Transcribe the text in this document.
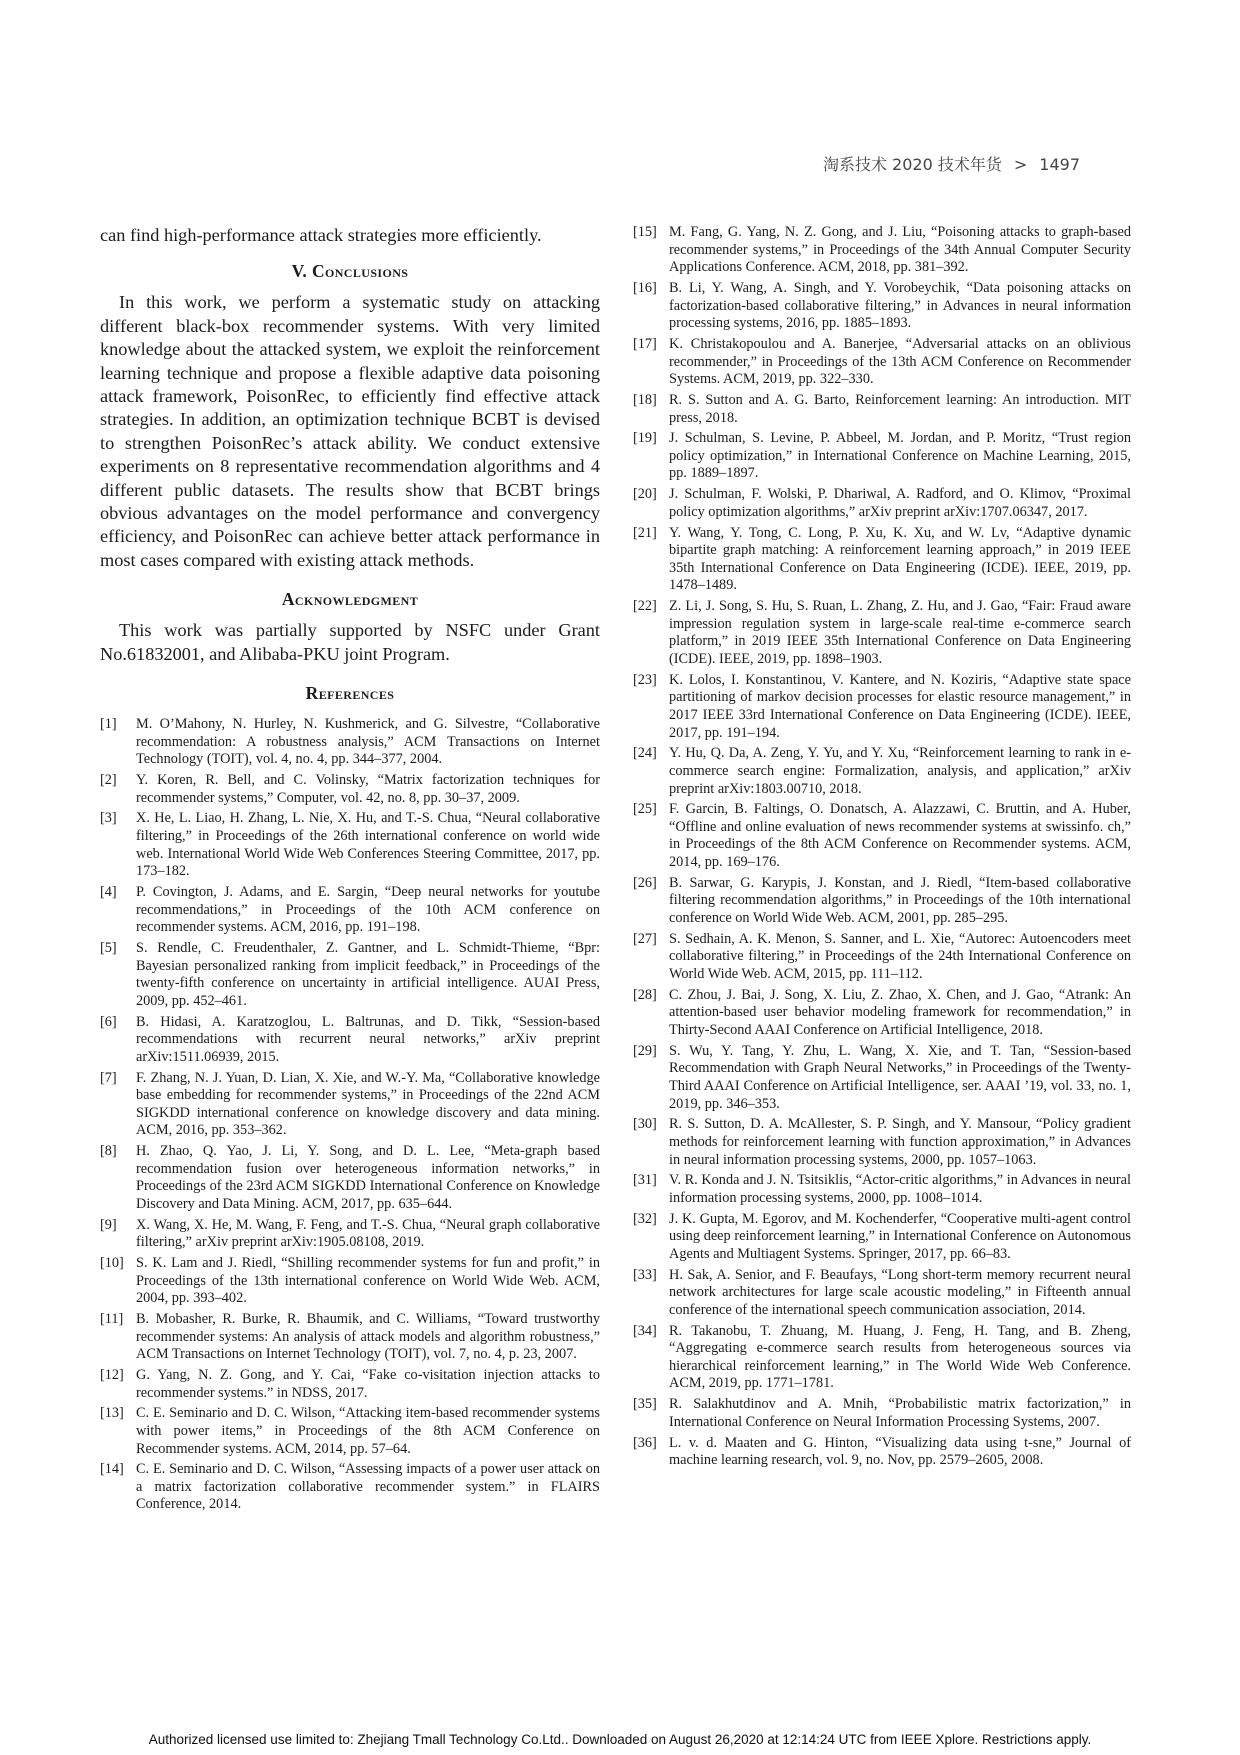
淘系技术 2020 技术年货 > 1497

can find high-performance attack strategies more efficiently.

V. Conclusions

In this work, we perform a systematic study on attacking different black-box recommender systems. With very limited knowledge about the attacked system, we exploit the reinforcement learning technique and propose a flexible adaptive data poisoning attack framework, PoisonRec, to efficiently find effective attack strategies. In addition, an optimization technique BCBT is devised to strengthen PoisonRec’s attack ability. We conduct extensive experiments on 8 representative recommendation algorithms and 4 different public datasets. The results show that BCBT brings obvious advantages on the model performance and convergency efficiency, and PoisonRec can achieve better attack performance in most cases compared with existing attack methods.

Acknowledgment

This work was partially supported by NSFC under Grant No.61832001, and Alibaba-PKU joint Program.

References
[1]	M. O’Mahony, N. Hurley, N. Kushmerick, and G. Silvestre, “Collaborative recommendation: A robustness analysis,” ACM Transactions on Internet Technology (TOIT), vol. 4, no. 4, pp. 344–377, 2004.
[2]	Y. Koren, R. Bell, and C. Volinsky, “Matrix factorization techniques for recommender systems,” Computer, vol. 42, no. 8, pp. 30–37, 2009.
[3]	X. He, L. Liao, H. Zhang, L. Nie, X. Hu, and T.-S. Chua, “Neural collaborative filtering,” in Proceedings of the 26th international conference on world wide web. International World Wide Web Conferences Steering Committee, 2017, pp. 173–182.
[4]	P. Covington, J. Adams, and E. Sargin, “Deep neural networks for youtube recommendations,” in Proceedings of the 10th ACM conference on recommender systems. ACM, 2016, pp. 191–198.
[5]	S. Rendle, C. Freudenthaler, Z. Gantner, and L. Schmidt-Thieme, “Bpr: Bayesian personalized ranking from implicit feedback,” in Proceedings of the twenty-fifth conference on uncertainty in artificial intelligence. AUAI Press, 2009, pp. 452–461.
[6]	B. Hidasi, A. Karatzoglou, L. Baltrunas, and D. Tikk, “Session-based recommendations with recurrent neural networks,” arXiv preprint arXiv:1511.06939, 2015.
[7]	F. Zhang, N. J. Yuan, D. Lian, X. Xie, and W.-Y. Ma, “Collaborative knowledge base embedding for recommender systems,” in Proceedings of the 22nd ACM SIGKDD international conference on knowledge discovery and data mining. ACM, 2016, pp. 353–362.
[8]	H. Zhao, Q. Yao, J. Li, Y. Song, and D. L. Lee, “Meta-graph based recommendation fusion over heterogeneous information networks,” in Proceedings of the 23rd ACM SIGKDD International Conference on Knowledge Discovery and Data Mining. ACM, 2017, pp. 635–644.
[9]	X. Wang, X. He, M. Wang, F. Feng, and T.-S. Chua, “Neural graph collaborative filtering,” arXiv preprint arXiv:1905.08108, 2019.
[10] S. K. Lam and J. Riedl, “Shilling recommender systems for fun and profit,” in Proceedings of the 13th international conference on World Wide Web. ACM, 2004, pp. 393–402.
[11] B. Mobasher, R. Burke, R. Bhaumik, and C. Williams, “Toward trustworthy recommender systems: An analysis of attack models and algorithm robustness,” ACM Transactions on Internet Technology (TOIT), vol. 7, no. 4, p. 23, 2007.
[12] G. Yang, N. Z. Gong, and Y. Cai, “Fake co-visitation injection attacks to recommender systems.” in NDSS, 2017.
[13] C. E. Seminario and D. C. Wilson, “Attacking item-based recommender systems with power items,” in Proceedings of the 8th ACM Conference on Recommender systems. ACM, 2014, pp. 57–64.
[14] C. E. Seminario and D. C. Wilson, “Assessing impacts of a power user attack on a matrix factorization collaborative recommender system.” in FLAIRS Conference, 2014.
[15] M. Fang, G. Yang, N. Z. Gong, and J. Liu, “Poisoning attacks to graph-based recommender systems,” in Proceedings of the 34th Annual Computer Security Applications Conference. ACM, 2018, pp. 381–392.
[16] B. Li, Y. Wang, A. Singh, and Y. Vorobeychik, “Data poisoning attacks on factorization-based collaborative filtering,” in Advances in neural information processing systems, 2016, pp. 1885–1893.
[17] K. Christakopoulou and A. Banerjee, “Adversarial attacks on an oblivious recommender,” in Proceedings of the 13th ACM Conference on Recommender Systems. ACM, 2019, pp. 322–330.
[18] R. S. Sutton and A. G. Barto, Reinforcement learning: An introduction. MIT press, 2018.
[19] J. Schulman, S. Levine, P. Abbeel, M. Jordan, and P. Moritz, “Trust region policy optimization,” in International Conference on Machine Learning, 2015, pp. 1889–1897.
[20] J. Schulman, F. Wolski, P. Dhariwal, A. Radford, and O. Klimov, “Proximal policy optimization algorithms,” arXiv preprint arXiv:1707.06347, 2017.
[21] Y. Wang, Y. Tong, C. Long, P. Xu, K. Xu, and W. Lv, “Adaptive dynamic bipartite graph matching: A reinforcement learning approach,” in 2019 IEEE 35th International Conference on Data Engineering (ICDE). IEEE, 2019, pp. 1478–1489.
[22] Z. Li, J. Song, S. Hu, S. Ruan, L. Zhang, Z. Hu, and J. Gao, “Fair: Fraud aware impression regulation system in large-scale real-time e-commerce search platform,” in 2019 IEEE 35th International Conference on Data Engineering (ICDE). IEEE, 2019, pp. 1898–1903.
[23] K. Lolos, I. Konstantinou, V. Kantere, and N. Koziris, “Adaptive state space partitioning of markov decision processes for elastic resource management,” in 2017 IEEE 33rd International Conference on Data Engineering (ICDE). IEEE, 2017, pp. 191–194.
[24] Y. Hu, Q. Da, A. Zeng, Y. Yu, and Y. Xu, “Reinforcement learning to rank in e-commerce search engine: Formalization, analysis, and application,” arXiv preprint arXiv:1803.00710, 2018.
[25] F. Garcin, B. Faltings, O. Donatsch, A. Alazzawi, C. Bruttin, and A. Huber, “Offline and online evaluation of news recommender systems at swissinfo. ch,” in Proceedings of the 8th ACM Conference on Recommender systems. ACM, 2014, pp. 169–176.
[26] B. Sarwar, G. Karypis, J. Konstan, and J. Riedl, “Item-based collaborative filtering recommendation algorithms,” in Proceedings of the 10th international conference on World Wide Web. ACM, 2001, pp. 285–295.
[27] S. Sedhain, A. K. Menon, S. Sanner, and L. Xie, “Autorec: Autoencoders meet collaborative filtering,” in Proceedings of the 24th International Conference on World Wide Web. ACM, 2015, pp. 111–112.
[28] C. Zhou, J. Bai, J. Song, X. Liu, Z. Zhao, X. Chen, and J. Gao, “Atrank: An attention-based user behavior modeling framework for recommendation,” in Thirty-Second AAAI Conference on Artificial Intelligence, 2018.
[29] S. Wu, Y. Tang, Y. Zhu, L. Wang, X. Xie, and T. Tan, “Session-based Recommendation with Graph Neural Networks,” in Proceedings of the Twenty-Third AAAI Conference on Artificial Intelligence, ser. AAAI ’19, vol. 33, no. 1, 2019, pp. 346–353.
[30] R. S. Sutton, D. A. McAllester, S. P. Singh, and Y. Mansour, “Policy gradient methods for reinforcement learning with function approximation,” in Advances in neural information processing systems, 2000, pp. 1057–1063.
[31] V. R. Konda and J. N. Tsitsiklis, “Actor-critic algorithms,” in Advances in neural information processing systems, 2000, pp. 1008–1014.
[32] J. K. Gupta, M. Egorov, and M. Kochenderfer, “Cooperative multi-agent control using deep reinforcement learning,” in International Conference on Autonomous Agents and Multiagent Systems. Springer, 2017, pp. 66–83.
[33] H. Sak, A. Senior, and F. Beaufays, “Long short-term memory recurrent neural network architectures for large scale acoustic modeling,” in Fifteenth annual conference of the international speech communication association, 2014.
[34] R. Takanobu, T. Zhuang, M. Huang, J. Feng, H. Tang, and B. Zheng, “Aggregating e-commerce search results from heterogeneous sources via hierarchical reinforcement learning,” in The World Wide Web Conference. ACM, 2019, pp. 1771–1781.
[35] R. Salakhutdinov and A. Mnih, “Probabilistic matrix factorization,” in International Conference on Neural Information Processing Systems, 2007.
[36] L. v. d. Maaten and G. Hinton, “Visualizing data using t-sne,” Journal of machine learning research, vol. 9, no. Nov, pp. 2579–2605, 2008.
Authorized licensed use limited to: Zhejiang Tmall Technology Co.Ltd.. Downloaded on August 26,2020 at 12:14:24 UTC from IEEE Xplore. Restrictions apply.
